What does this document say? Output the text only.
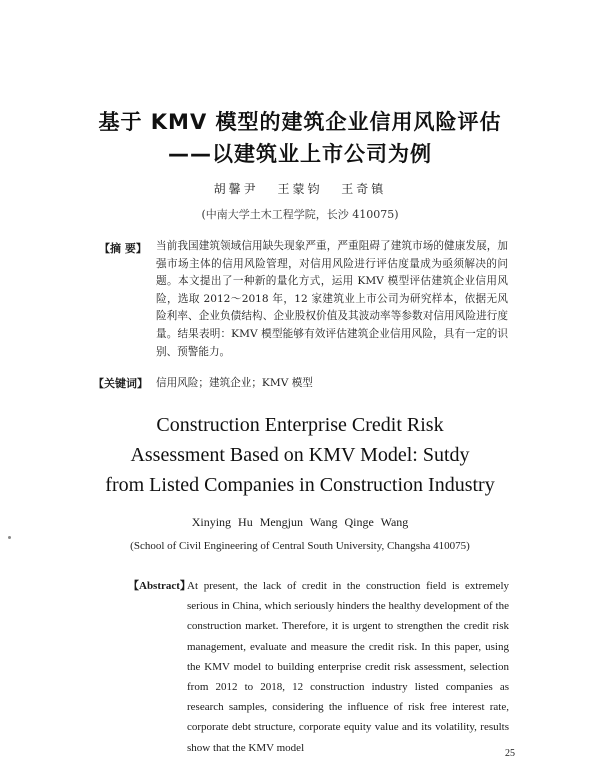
基于 KMV 模型的建筑企业信用风险评估
——以建筑业上市公司为例
胡馨尹 王蒙钧 王奇镇
(中南大学土木工程学院，长沙 410075)
【摘 要】 当前我国建筑领域信用缺失现象严重，严重阻碍了建筑市场的健康发展，加强市场主体的信用风险管理，对信用风险进行评估度量成为亟须解决的问题。本文提出了一种新的量化方式，运用 KMV 模型评估建筑企业信用风险，选取 2012～2018 年，12 家建筑业上市公司为研究样本，依据无风险利率、企业负债结构、企业股权价值及其波动率等参数对信用风险进行度量。结果表明：KMV 模型能够有效评估建筑企业信用风险，具有一定的识别、预警能力。

【关键词】 信用风险；建筑企业；KMV 模型
Construction Enterprise Credit Risk
Assessment Based on KMV Model: Sutdy
from Listed Companies in Construction Industry
Xinying Hu Mengjun Wang Qinge Wang
(School of Civil Engineering of Central South University, Changsha 410075)
【Abstract】

At present, the lack of credit in the construction field is extremely serious in China, which seriously hinders the healthy development of the construction market. Therefore, it is urgent to strengthen the credit risk management, evaluate and measure the credit risk. In this paper, using the KMV model to building enterprise credit risk assessment, selection from 2012 to 2018, 12 construction industry listed companies as research samples, considering the influence of risk free interest rate, corporate debt structure, corporate equity value and its volatility, results show that the KMV model	25
